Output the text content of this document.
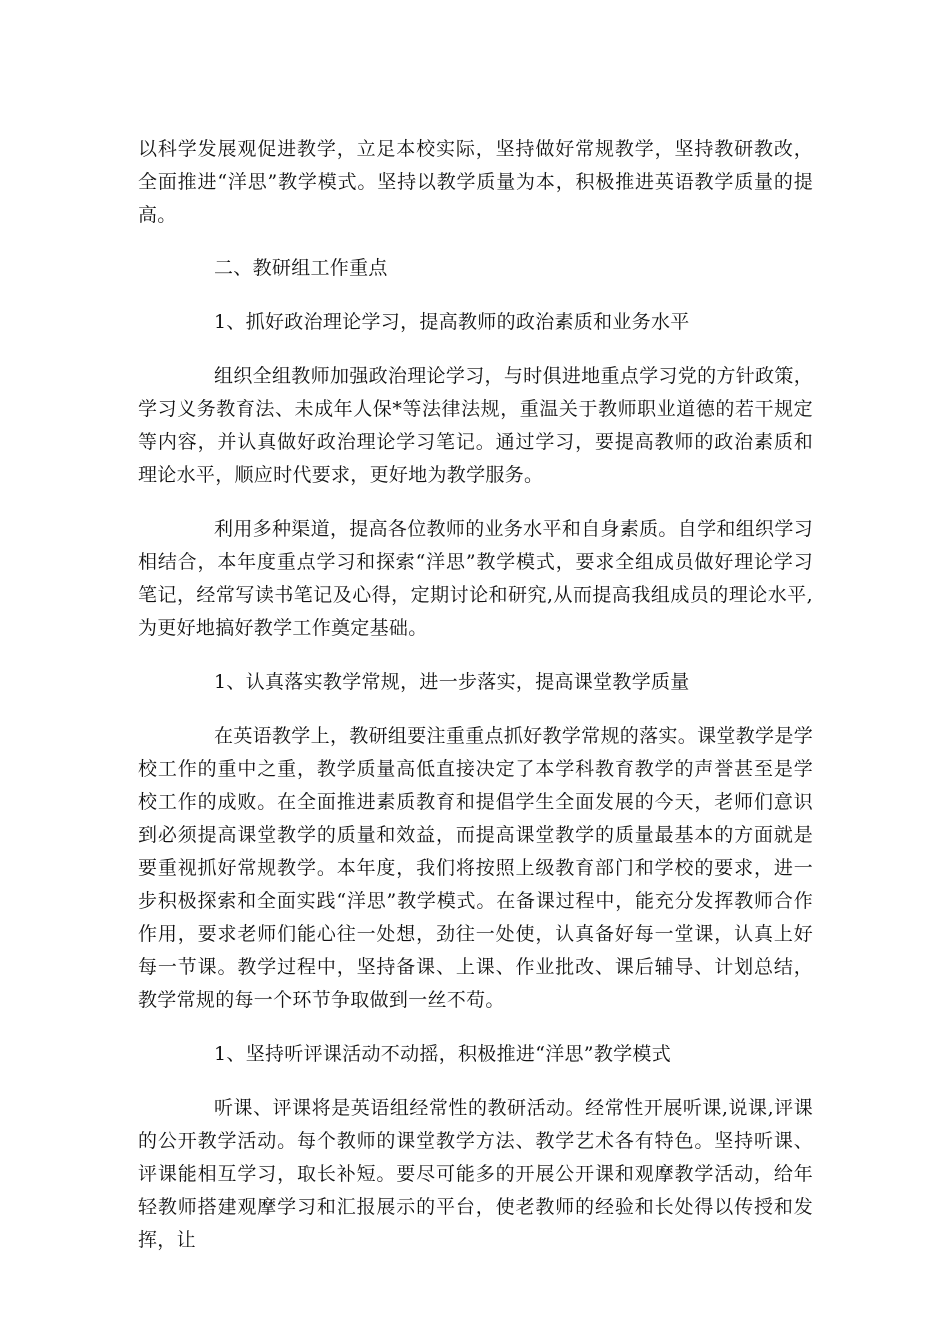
以科学发展观促进教学，立足本校实际，坚持做好常规教学，坚持教研教改，全面推进“洋思”教学模式。坚持以教学质量为本，积极推进英语教学质量的提高。

二、教研组工作重点

1、抓好政治理论学习，提高教师的政治素质和业务水平

组织全组教师加强政治理论学习，与时俱进地重点学习党的方针政策，学习义务教育法、未成年人保*等法律法规，重温关于教师职业道德的若干规定等内容，并认真做好政治理论学习笔记。通过学习，要提高教师的政治素质和理论水平，顺应时代要求，更好地为教学服务。

利用多种渠道，提高各位教师的业务水平和自身素质。自学和组织学习相结合，本年度重点学习和探索“洋思”教学模式，要求全组成员做好理论学习笔记，经常写读书笔记及心得，定期讨论和研究,从而提高我组成员的理论水平,为更好地搞好教学工作奠定基础。

1、认真落实教学常规，进一步落实，提高课堂教学质量

在英语教学上，教研组要注重重点抓好教学常规的落实。课堂教学是学校工作的重中之重，教学质量高低直接决定了本学科教育教学的声誉甚至是学校工作的成败。在全面推进素质教育和提倡学生全面发展的今天，老师们意识到必须提高课堂教学的质量和效益，而提高课堂教学的质量最基本的方面就是要重视抓好常规教学。本年度，我们将按照上级教育部门和学校的要求，进一步积极探索和全面实践“洋思”教学模式。在备课过程中，能充分发挥教师合作作用，要求老师们能心往一处想，劲往一处使，认真备好每一堂课，认真上好每一节课。教学过程中，坚持备课、上课、作业批改、课后辅导、计划总结，教学常规的每一个环节争取做到一丝不苟。

1、坚持听评课活动不动摇，积极推进“洋思”教学模式

听课、评课将是英语组经常性的教研活动。经常性开展听课,说课,评课的公开教学活动。每个教师的课堂教学方法、教学艺术各有特色。坚持听课、评课能相互学习，取长补短。要尽可能多的开展公开课和观摩教学活动，给年轻教师搭建观摩学习和汇报展示的平台，使老教师的经验和长处得以传授和发挥，让
